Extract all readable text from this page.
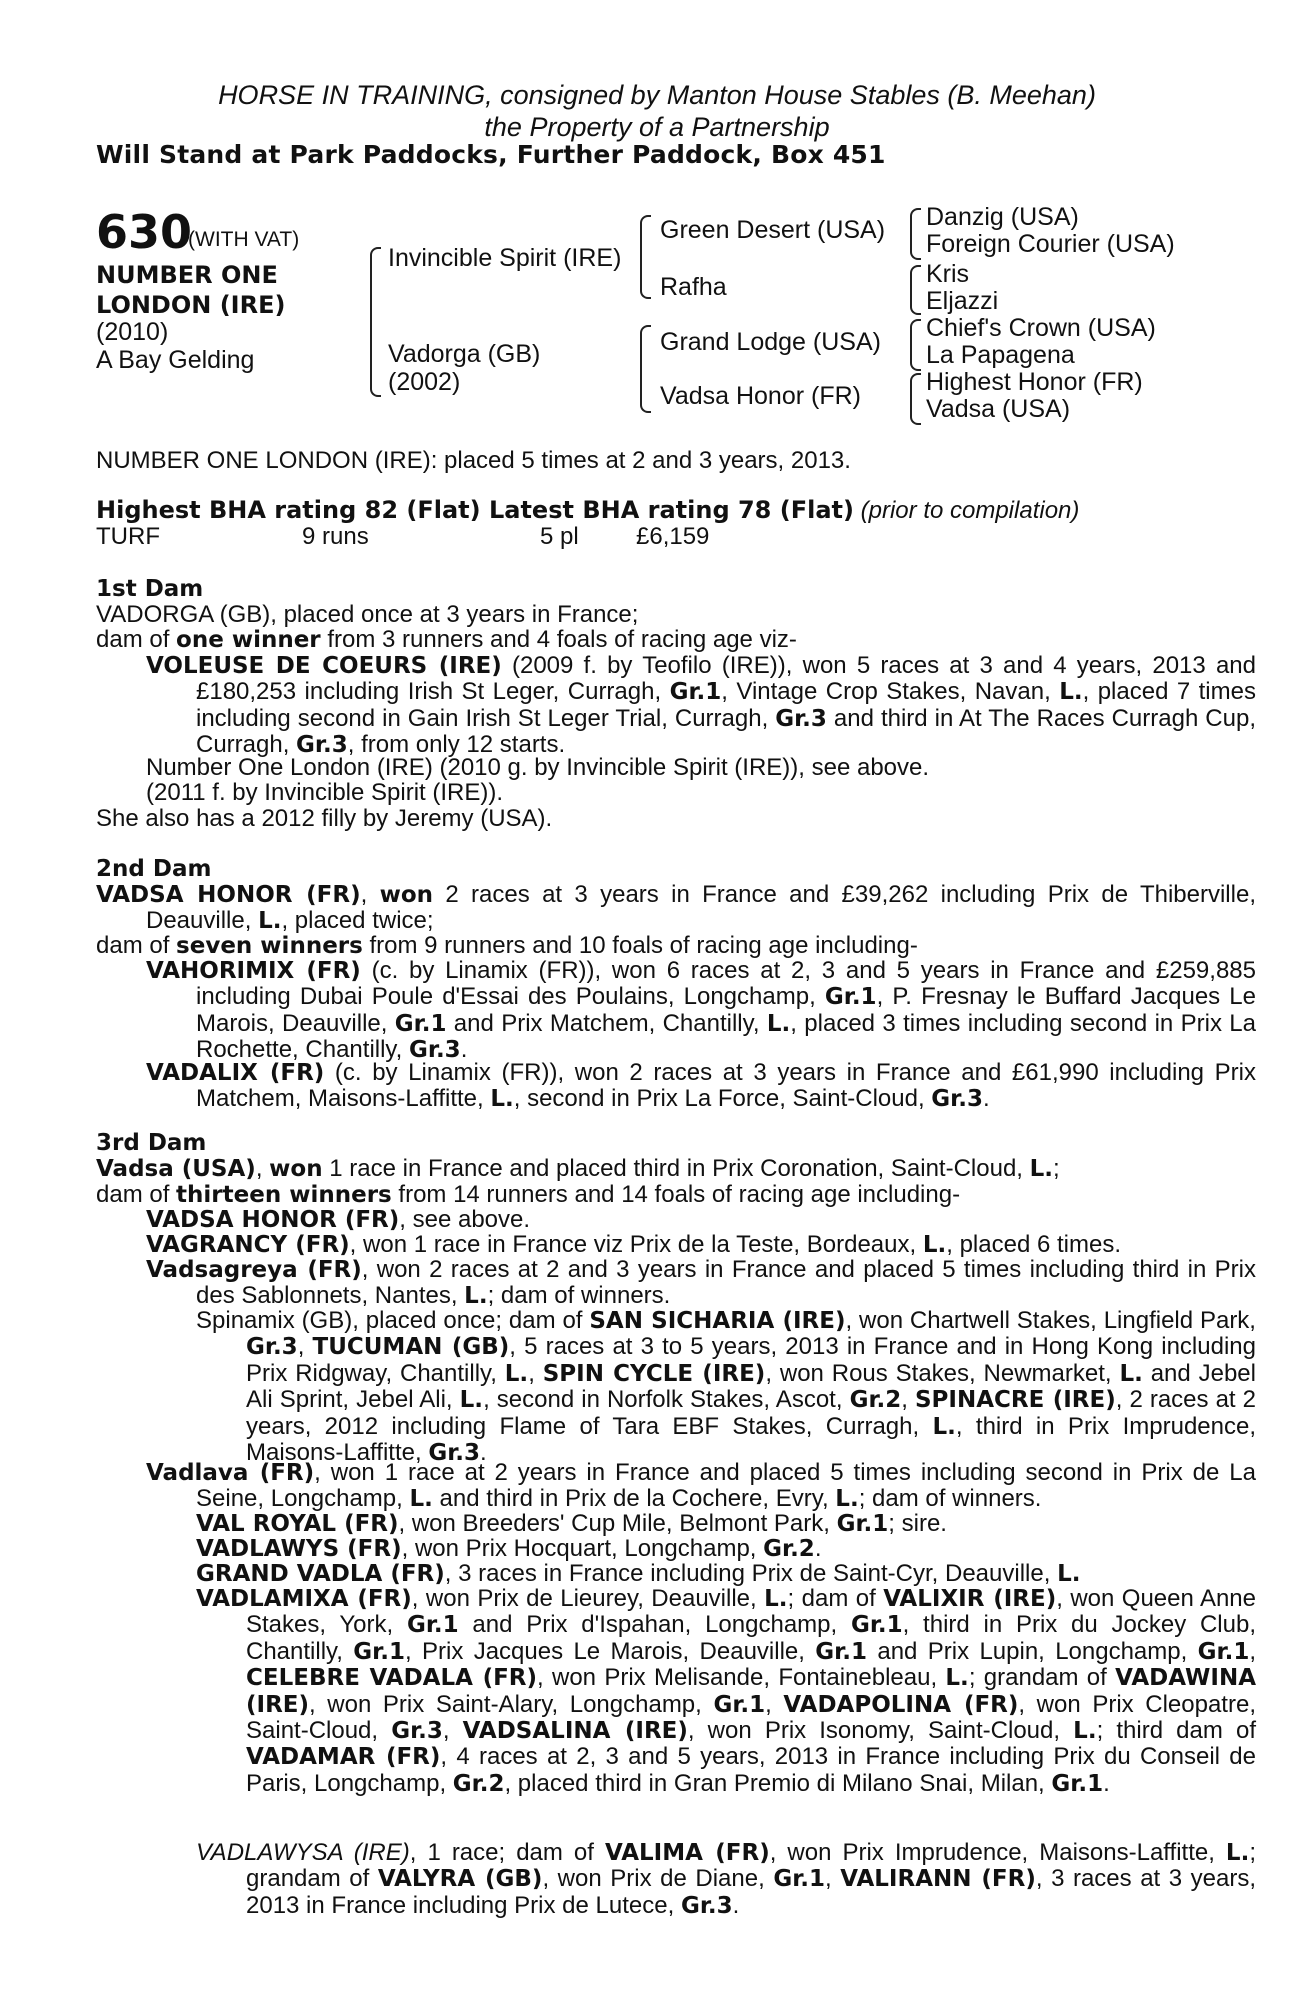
HORSE IN TRAINING, consigned by Manton House Stables (B. Meehan)
the Property of a Partnership
Will Stand at Park Paddocks, Further Paddock, Box 451
630
(WITH VAT)
NUMBER ONE
LONDON (IRE)
(2010)
A Bay Gelding
Invincible Spirit (IRE)
Vadorga (GB)
(2002)
Green Desert (USA)
Rafha
Grand Lodge (USA)
Vadsa Honor (FR)
Danzig (USA)
Foreign Courier (USA)
Kris
Eljazzi
Chief's Crown (USA)
La Papagena
Highest Honor (FR)
Vadsa (USA)
NUMBER ONE LONDON (IRE): placed 5 times at 2 and 3 years, 2013.
Highest BHA rating 82 (Flat) Latest BHA rating 78 (Flat) (prior to compilation)
TURF	9 runs	5 pl £6,159
1st Dam
VADORGA (GB), placed once at 3 years in France;
dam of one winner from 3 runners and 4 foals of racing age viz-
VOLEUSE DE COEURS (IRE) (2009 f. by Teofilo (IRE)), won 5 races at 3 and 4 years, 2013 and £180,253 including Irish St Leger, Curragh, Gr.1, Vintage Crop Stakes, Navan, L., placed 7 times including second in Gain Irish St Leger Trial, Curragh, Gr.3 and third in At The Races Curragh Cup, Curragh, Gr.3, from only 12 starts.
Number One London (IRE) (2010 g. by Invincible Spirit (IRE)), see above.
(2011 f. by Invincible Spirit (IRE)).
She also has a 2012 filly by Jeremy (USA).
2nd Dam
VADSA HONOR (FR), won 2 races at 3 years in France and £39,262 including Prix de Thiberville, Deauville, L., placed twice;
dam of seven winners from 9 runners and 10 foals of racing age including-
VAHORIMIX (FR) (c. by Linamix (FR)), won 6 races at 2, 3 and 5 years in France and £259,885 including Dubai Poule d'Essai des Poulains, Longchamp, Gr.1, P. Fresnay le Buffard Jacques Le Marois, Deauville, Gr.1 and Prix Matchem, Chantilly, L., placed 3 times including second in Prix La Rochette, Chantilly, Gr.3.
VADALIX (FR) (c. by Linamix (FR)), won 2 races at 3 years in France and £61,990 including Prix Matchem, Maisons-Laffitte, L., second in Prix La Force, Saint-Cloud, Gr.3.
3rd Dam
Vadsa (USA), won 1 race in France and placed third in Prix Coronation, Saint-Cloud, L.;
dam of thirteen winners from 14 runners and 14 foals of racing age including-
VADSA HONOR (FR), see above.
VAGRANCY (FR), won 1 race in France viz Prix de la Teste, Bordeaux, L., placed 6 times.
Vadsagreya (FR), won 2 races at 2 and 3 years in France and placed 5 times including third in Prix des Sablonnets, Nantes, L.; dam of winners.
Spinamix (GB), placed once; dam of SAN SICHARIA (IRE), won Chartwell Stakes, Lingfield Park, Gr.3, TUCUMAN (GB), 5 races at 3 to 5 years, 2013 in France and in Hong Kong including Prix Ridgway, Chantilly, L., SPIN CYCLE (IRE), won Rous Stakes, Newmarket, L. and Jebel Ali Sprint, Jebel Ali, L., second in Norfolk Stakes, Ascot, Gr.2, SPINACRE (IRE), 2 races at 2 years, 2012 including Flame of Tara EBF Stakes, Curragh, L., third in Prix Imprudence, Maisons-Laffitte, Gr.3.
Vadlava (FR), won 1 race at 2 years in France and placed 5 times including second in Prix de La Seine, Longchamp, L. and third in Prix de la Cochere, Evry, L.; dam of winners.
VAL ROYAL (FR), won Breeders' Cup Mile, Belmont Park, Gr.1; sire.
VADLAWYS (FR), won Prix Hocquart, Longchamp, Gr.2.
GRAND VADLA (FR), 3 races in France including Prix de Saint-Cyr, Deauville, L.
VADLAMIXA (FR), won Prix de Lieurey, Deauville, L.; dam of VALIXIR (IRE), won Queen Anne Stakes, York, Gr.1 and Prix d'Ispahan, Longchamp, Gr.1, third in Prix du Jockey Club, Chantilly, Gr.1, Prix Jacques Le Marois, Deauville, Gr.1 and Prix Lupin, Longchamp, Gr.1, CELEBRE VADALA (FR), won Prix Melisande, Fontainebleau, L.; grandam of VADAWINA (IRE), won Prix Saint-Alary, Longchamp, Gr.1, VADAPOLINA (FR), won Prix Cleopatre, Saint-Cloud, Gr.3, VADSALINA (IRE), won Prix Isonomy, Saint-Cloud, L.; third dam of VADAMAR (FR), 4 races at 2, 3 and 5 years, 2013 in France including Prix du Conseil de Paris, Longchamp, Gr.2, placed third in Gran Premio di Milano Snai, Milan, Gr.1.
VADLAWYSA (IRE), 1 race; dam of VALIMA (FR), won Prix Imprudence, Maisons-Laffitte, L.; grandam of VALYRA (GB), won Prix de Diane, Gr.1, VALIRANN (FR), 3 races at 3 years, 2013 in France including Prix de Lutece, Gr.3.
